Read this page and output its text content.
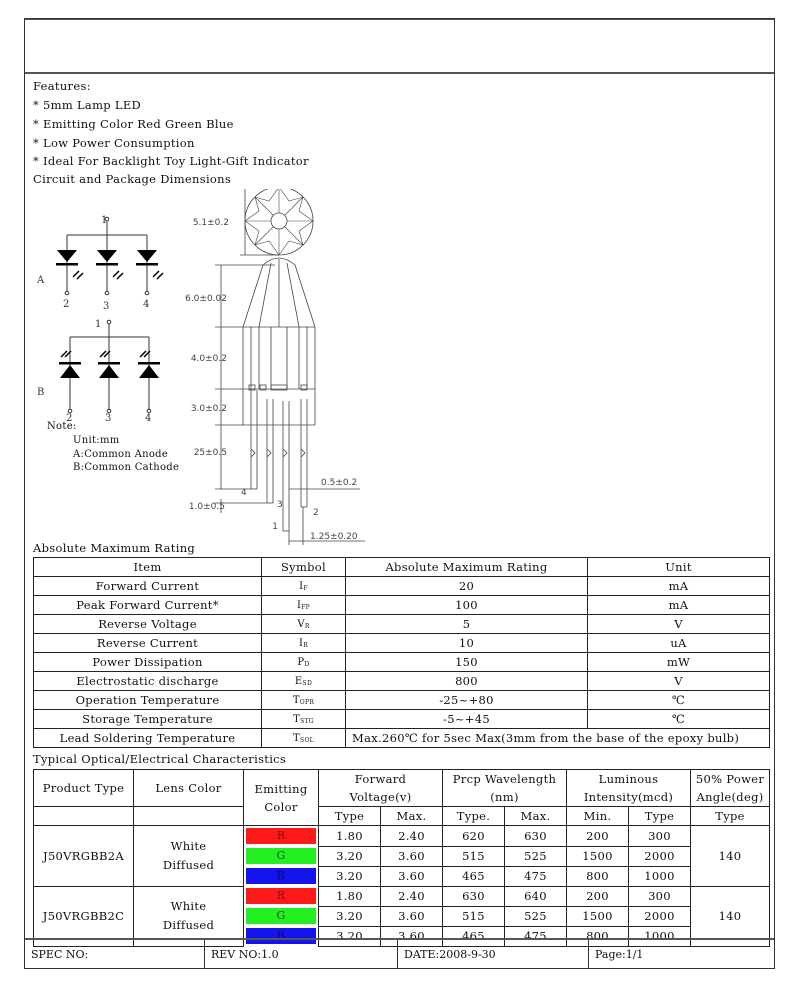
Features:
* 5mm Lamp LED
* Emitting Color Red Green Blue
* Low Power Consumption
* Ideal For Backlight Toy Light-Gift Indicator
Circuit and Package Dimensions
1
A
2	3	4
1
B
2	3	4
Note:
Unit:mm
A:Common Anode
B:Common Cathode
5.1±0.2
6.0±0.02
4.0±0.2
3.0±0.2
25±0.5
1.0±0.5
0.5±0.2
1.25±0.20
1
2
3
4
Absolute Maximum Rating
Item	Symbol	Absolute Maximum Rating	Unit
Forward Current	$I_F$	20	mA
Peak Forward Current*	$I_{FP}$	100	mA
Reverse Voltage	$V_R$	5	V
Reverse Current	$I_R$	10	uA
Power Dissipation	$P_D$	150	mW
Electrostatic discharge	$E_{SD}$	800	V
Operation Temperature	$T_{OPR}$	-25~+80	℃
Storage Temperature	$T_{STG}$	-5~+45	℃
Lead Soldering Temperature	$T_{SOL}$	Max.260℃ for 5sec Max(3mm from the base of the epoxy bulb)	
Typical Optical/Electrical Characteristics
Product Type	Lens Color	Emitting Color	Forward Voltage(v)		Prcp Wavelength (nm)		Luminous Intensity(mcd)		50% Power Angle(deg)

			Type	Max.	Type.	Max.	Min.	Type	Type
J50VRGBB2A	White Diffused	R	1.80	2.40	620	630	200	300	140

		G	3.20	3.60	515	525	1500	2000	

		B	3.20	3.60	465	475	800	1000	
J50VRGBB2C	White Diffused	R	1.80	2.40	630	640	200	300	140

		G	3.20	3.60	515	525	1500	2000	

		B	3.20	3.60	465	475	800	1000	
SPEC NO:	REV NO:1.0	DATE:2008-9-30	Page:1/1
